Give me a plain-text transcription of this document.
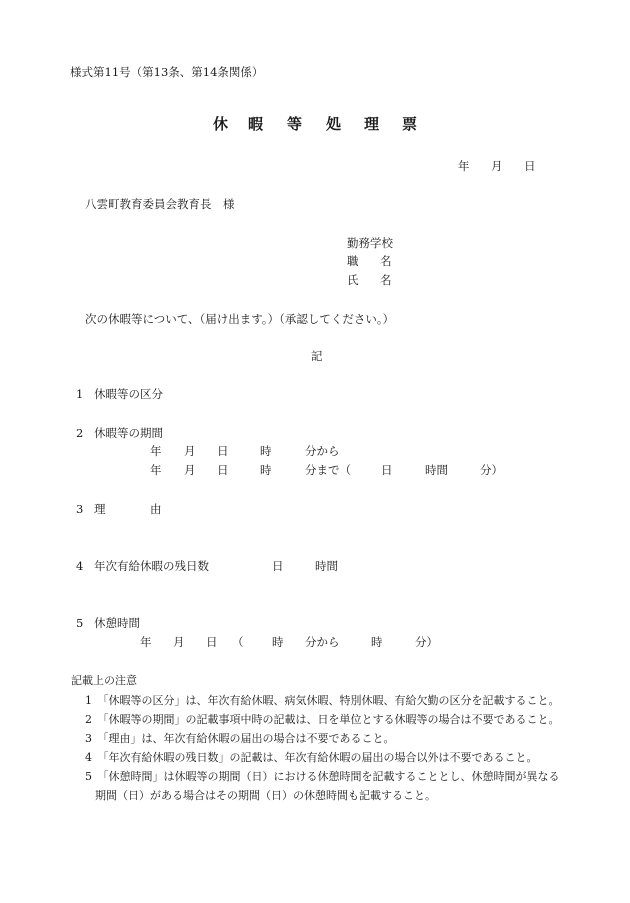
様式第11号（第13条、第14条関係）
休 暇 等 処 理 票
年 月 日
八雲町教育委員会教育長　様
勤務学校
職 名
氏 名
次の休暇等について、（届け出ます。）（承認してください。）
記
1 休暇等の区分
2 休暇等の期間
年 月 日	時	分から
年 月 日	時	分まで（	日	時間	分）
3 理	由
4 年次有給休暇の残日数	日	時間
5 休憩時間
年 月 日 （ 時 分から	時	分）
記載上の注意
1　「休暇等の区分」は、年次有給休暇、病気休暇、特別休暇、有給欠勤の区分を記載すること。
2　「休暇等の期間」の記載事項中時の記載は、日を単位とする休暇等の場合は不要であること。
3　「理由」は、年次有給休暇の届出の場合は不要であること。
4　「年次有給休暇の残日数」の記載は、年次有給休暇の届出の場合以外は不要であること。
5　「休憩時間」は休暇等の期間（日）における休憩時間を記載することとし、休憩時間が異なる
期間（日）がある場合はその期間（日）の休憩時間も記載すること。
